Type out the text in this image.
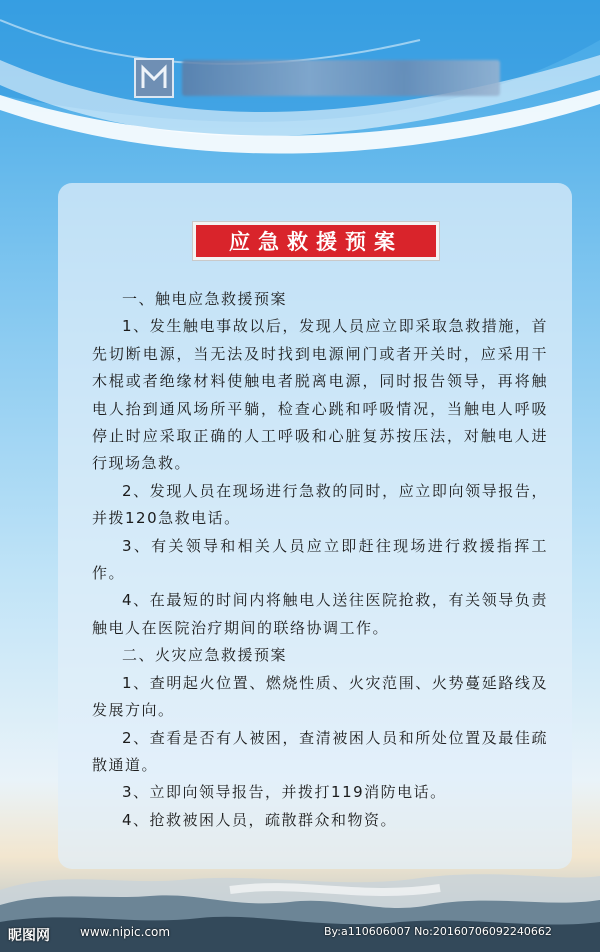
应急救援预案

一、触电应急救援预案

1、发生触电事故以后，发现人员应立即采取急救措施，首先切断电源，当无法及时找到电源闸门或者开关时，应采用干木棍或者绝缘材料使触电者脱离电源，同时报告领导，再将触电人抬到通风场所平躺，检查心跳和呼吸情况，当触电人呼吸停止时应采取正确的人工呼吸和心脏复苏按压法，对触电人进行现场急救。

2、发现人员在现场进行急救的同时，应立即向领导报告，并拨120急救电话。

3、有关领导和相关人员应立即赶往现场进行救援指挥工作。

4、在最短的时间内将触电人送往医院抢救，有关领导负责触电人在医院治疗期间的联络协调工作。

二、火灾应急救援预案

1、查明起火位置、燃烧性质、火灾范围、火势蔓延路线及发展方向。

2、查看是否有人被困，查清被困人员和所处位置及最佳疏散通道。

3、立即向领导报告，并拨打119消防电话。

4、抢救被困人员，疏散群众和物资。

昵图网	www.nipic.com	By:a110606007 No:20160706092240662
